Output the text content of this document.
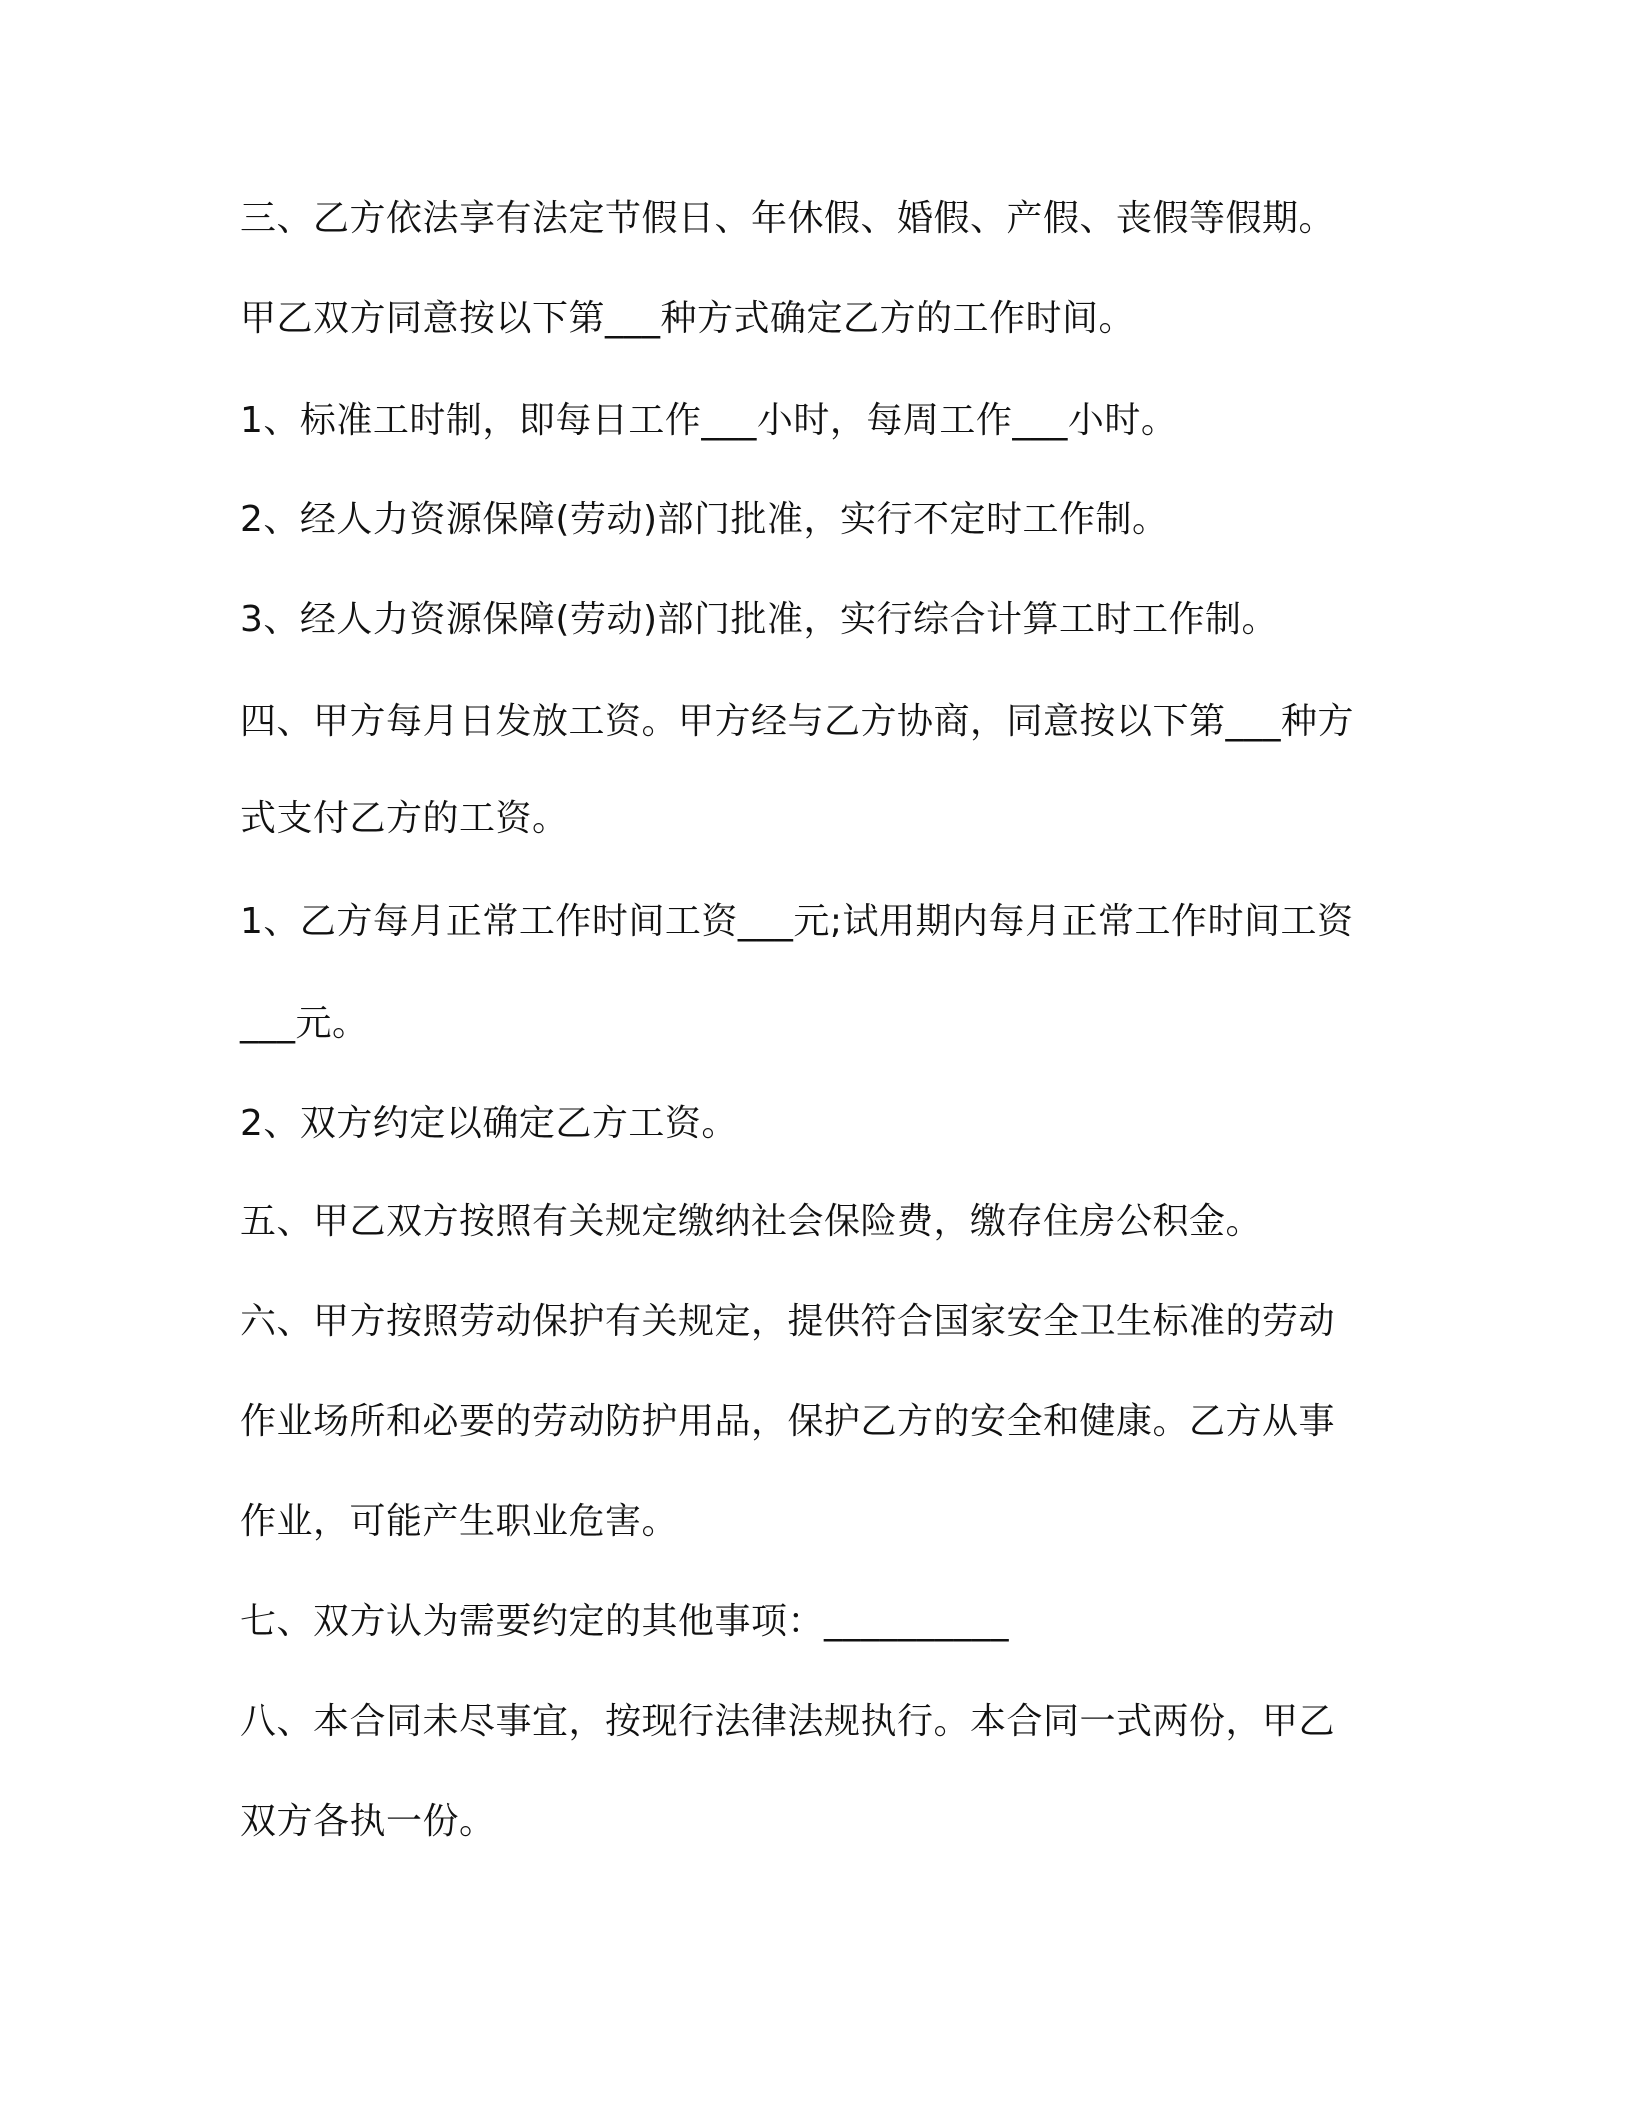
三、乙方依法享有法定节假日、年休假、婚假、产假、丧假等假期。
甲乙双方同意按以下第___种方式确定乙方的工作时间。
1、标准工时制，即每日工作___小时，每周工作___小时。
2、经人力资源保障(劳动)部门批准，实行不定时工作制。
3、经人力资源保障(劳动)部门批准，实行综合计算工时工作制。
四、甲方每月日发放工资。甲方经与乙方协商，同意按以下第___种方
式支付乙方的工资。
1、乙方每月正常工作时间工资___元;试用期内每月正常工作时间工资
___元。
2、双方约定以确定乙方工资。
五、甲乙双方按照有关规定缴纳社会保险费，缴存住房公积金。
六、甲方按照劳动保护有关规定，提供符合国家安全卫生标准的劳动
作业场所和必要的劳动防护用品，保护乙方的安全和健康。乙方从事
作业，可能产生职业危害。
七、双方认为需要约定的其他事项：__________
八、本合同未尽事宜，按现行法律法规执行。本合同一式两份，甲乙
双方各执一份。
